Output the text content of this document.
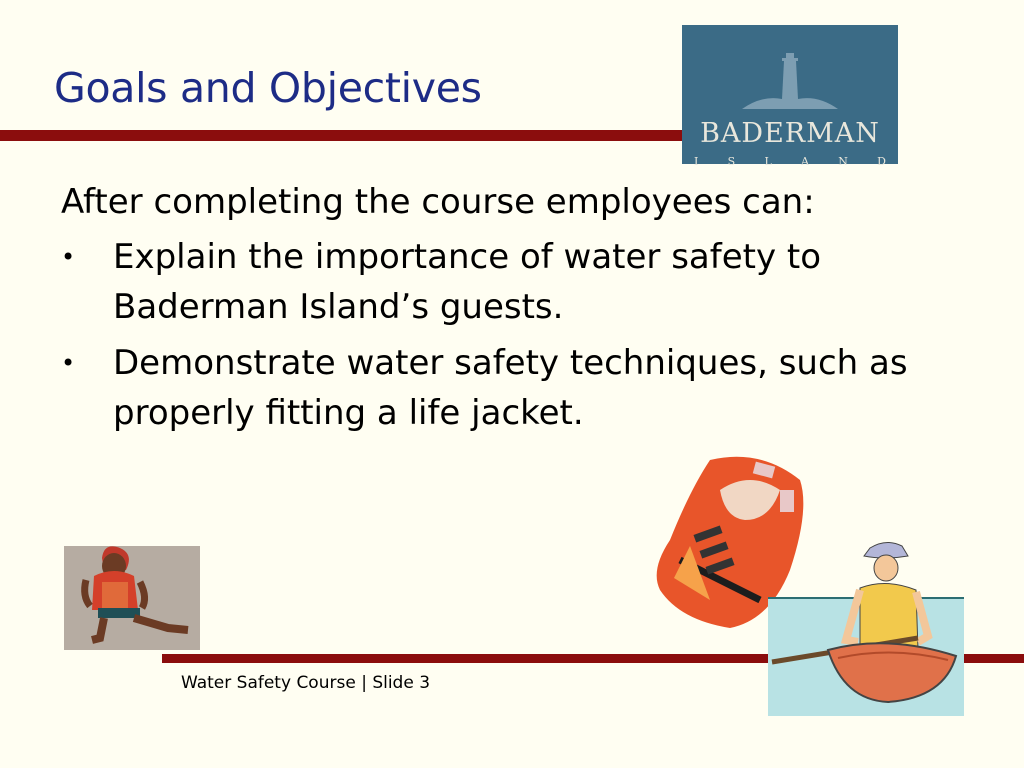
Goals and Objectives
BADERMAN
I	S	L	A	N	D

After completing the course employees can:

• Explain the importance of water safety to Baderman Island’s guests.
• Demonstrate water safety techniques, such as properly fitting a life jacket.
Water Safety Course | Slide 3
